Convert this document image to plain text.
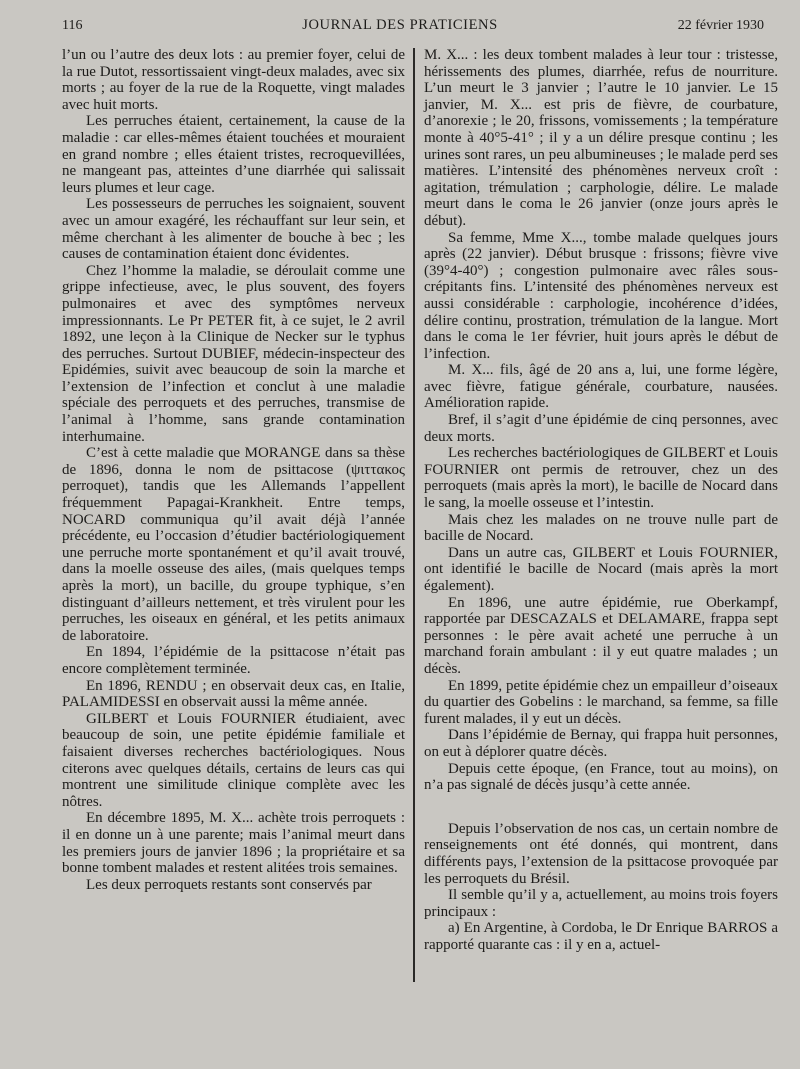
116	JOURNAL DES PRATICIENS	22 février 1930

l’un ou l’autre des deux lots : au premier foyer, celui de la rue Dutot, ressortissaient vingt-deux malades, avec six morts ; au foyer de la rue de la Roquette, vingt malades avec huit morts.

Les perruches étaient, certainement, la cause de la maladie : car elles-mêmes étaient touchées et mouraient en grand nombre ; elles étaient tristes, recroquevillées, ne mangeant pas, atteintes d’une diarrhée qui salissait leurs plumes et leur cage.

Les possesseurs de perruches les soignaient, souvent avec un amour exagéré, les réchauffant sur leur sein, et même cherchant à les alimenter de bouche à bec ; les causes de contamination étaient donc évidentes.

Chez l’homme la maladie, se déroulait comme une grippe infectieuse, avec, le plus souvent, des foyers pulmonaires et avec des symptômes nerveux impressionnants. Le Pr PETER fit, à ce sujet, le 2 avril 1892, une leçon à la Clinique de Necker sur le typhus des perruches. Surtout DUBIEF, médecin-inspecteur des Epidémies, suivit avec beaucoup de soin la marche et l’extension de l’infection et conclut à une maladie spéciale des perroquets et des perruches, transmise de l’animal à l’homme, sans grande contamination interhumaine.

C’est à cette maladie que MORANGE dans sa thèse de 1896, donna le nom de psittacose (ψιττακος perroquet), tandis que les Allemands l’appellent fréquemment Papagai-Krankheit. Entre temps, NOCARD communiqua qu’il avait déjà l’année précédente, eu l’occasion d’étudier bactériologiquement une perruche morte spontanément et qu’il avait trouvé, dans la moelle osseuse des ailes, (mais quelques temps après la mort), un bacille, du groupe typhique, s’en distinguant d’ailleurs nettement, et très virulent pour les perruches, les oiseaux en général, et les petits animaux de laboratoire.

En 1894, l’épidémie de la psittacose n’était pas encore complètement terminée.

En 1896, RENDU ; en observait deux cas, en Italie, PALAMIDESSI en observait aussi la même année.

GILBERT et Louis FOURNIER étudiaient, avec beaucoup de soin, une petite épidémie familiale et faisaient diverses recherches bactériologiques. Nous citerons avec quelques détails, certains de leurs cas qui montrent une similitude clinique complète avec les nôtres.

En décembre 1895, M. X... achète trois perroquets : il en donne un à une parente; mais l’animal meurt dans les premiers jours de janvier 1896 ; la propriétaire et sa bonne tombent malades et restent alitées trois semaines.

Les deux perroquets restants sont conservés par

M. X... : les deux tombent malades à leur tour : tristesse, hérissements des plumes, diarrhée, refus de nourriture. L’un meurt le 3 janvier ; l’autre le 10 janvier. Le 15 janvier, M. X... est pris de fièvre, de courbature, d’anorexie ; le 20, frissons, vomissements ; la température monte à 40°5-41° ; il y a un délire presque continu ; les urines sont rares, un peu albumineuses ; le malade perd ses matières. L’intensité des phénomènes nerveux croît : agitation, trémulation ; carphologie, délire. Le malade meurt dans le coma le 26 janvier (onze jours après le début).

Sa femme, Mme X..., tombe malade quelques jours après (22 janvier). Début brusque : frissons; fièvre vive (39°4-40°) ; congestion pulmonaire avec râles sous-crépitants fins. L’intensité des phénomènes nerveux est aussi considérable : carphologie, incohérence d’idées, délire continu, prostration, trémulation de la langue. Mort dans le coma le 1er février, huit jours après le début de l’infection.

M. X... fils, âgé de 20 ans a, lui, une forme légère, avec fièvre, fatigue générale, courbature, nausées. Amélioration rapide.

Bref, il s’agit d’une épidémie de cinq personnes, avec deux morts.

Les recherches bactériologiques de GILBERT et Louis FOURNIER ont permis de retrouver, chez un des perroquets (mais après la mort), le bacille de Nocard dans le sang, la moelle osseuse et l’intestin.

Mais chez les malades on ne trouve nulle part de bacille de Nocard.

Dans un autre cas, GILBERT et Louis FOURNIER, ont identifié le bacille de Nocard (mais après la mort également).

En 1896, une autre épidémie, rue Oberkampf, rapportée par DESCAZALS et DELAMARE, frappa sept personnes : le père avait acheté une perruche à un marchand forain ambulant : il y eut quatre malades ; un décès.

En 1899, petite épidémie chez un empailleur d’oiseaux du quartier des Gobelins : le marchand, sa femme, sa fille furent malades, il y eut un décès.

Dans l’épidémie de Bernay, qui frappa huit personnes, on eut à déplorer quatre décès.

Depuis cette époque, (en France, tout au moins), on n’a pas signalé de décès jusqu’à cette année.

Depuis l’observation de nos cas, un certain nombre de renseignements ont été donnés, qui montrent, dans différents pays, l’extension de la psittacose provoquée par les perroquets du Brésil.

Il semble qu’il y a, actuellement, au moins trois foyers principaux :

a) En Argentine, à Cordoba, le Dr Enrique BARROS a rapporté quarante cas : il y en a, actuel-
